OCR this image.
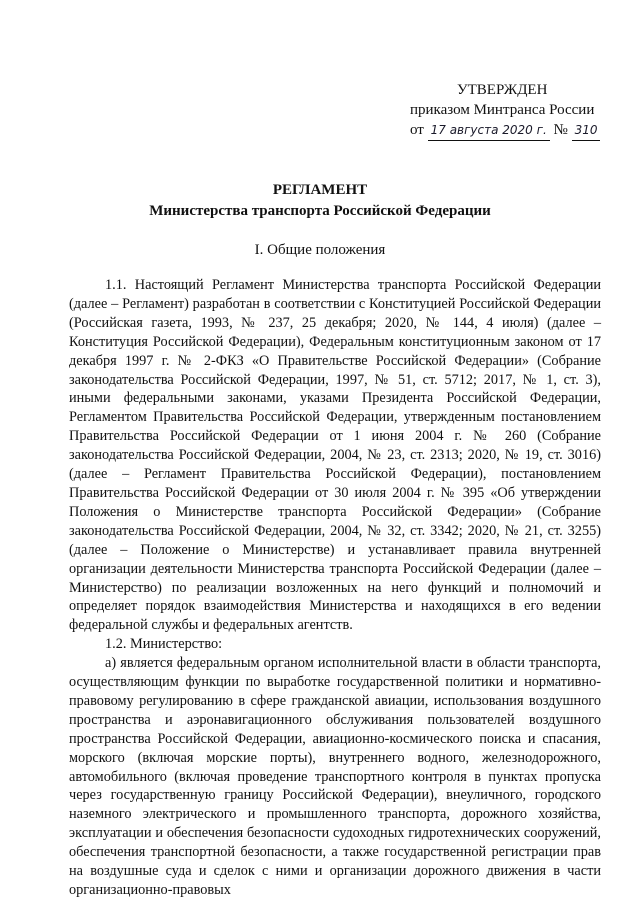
УТВЕРЖДЕН
приказом Минтранса России
от 17 августа 2020 г. № 310
РЕГЛАМЕНТ
Министерства транспорта Российской Федерации
I. Общие положения

1.1. Настоящий Регламент Министерства транспорта Российской Федерации (далее – Регламент) разработан в соответствии с Конституцией Российской Федерации (Российская газета, 1993, № 237, 25 декабря; 2020, № 144, 4 июля) (далее – Конституция Российской Федерации), Федеральным конституционным законом от 17 декабря 1997 г. № 2-ФКЗ «О Правительстве Российской Федерации» (Собрание законодательства Российской Федерации, 1997, № 51, ст. 5712; 2017, № 1, ст. 3), иными федеральными законами, указами Президента Российской Федерации, Регламентом Правительства Российской Федерации, утвержденным постановлением Правительства Российской Федерации от 1 июня 2004 г. № 260 (Собрание законодательства Российской Федерации, 2004, № 23, ст. 2313; 2020, № 19, ст. 3016) (далее – Регламент Правительства Российской Федерации), постановлением Правительства Российской Федерации от 30 июля 2004 г. № 395 «Об утверждении Положения о Министерстве транспорта Российской Федерации» (Собрание законодательства Российской Федерации, 2004, № 32, ст. 3342; 2020, № 21, ст. 3255) (далее – Положение о Министерстве) и устанавливает правила внутренней организации деятельности Министерства транспорта Российской Федерации (далее – Министерство) по реализации возложенных на него функций и полномочий и определяет порядок взаимодействия Министерства и находящихся в его ведении федеральной службы и федеральных агентств.

1.2. Министерство:

а) является федеральным органом исполнительной власти в области транспорта, осуществляющим функции по выработке государственной политики и нормативно-правовому регулированию в сфере гражданской авиации, использования воздушного пространства и аэронавигационного обслуживания пользователей воздушного пространства Российской Федерации, авиационно-космического поиска и спасания, морского (включая морские порты), внутреннего водного, железнодорожного, автомобильного (включая проведение транспортного контроля в пунктах пропуска через государственную границу Российской Федерации), внеуличного, городского наземного электрического и промышленного транспорта, дорожного хозяйства, эксплуатации и обеспечения безопасности судоходных гидротехнических сооружений, обеспечения транспортной безопасности, а также государственной регистрации прав на воздушные суда и сделок с ними и организации дорожного движения в части организационно-правовых
